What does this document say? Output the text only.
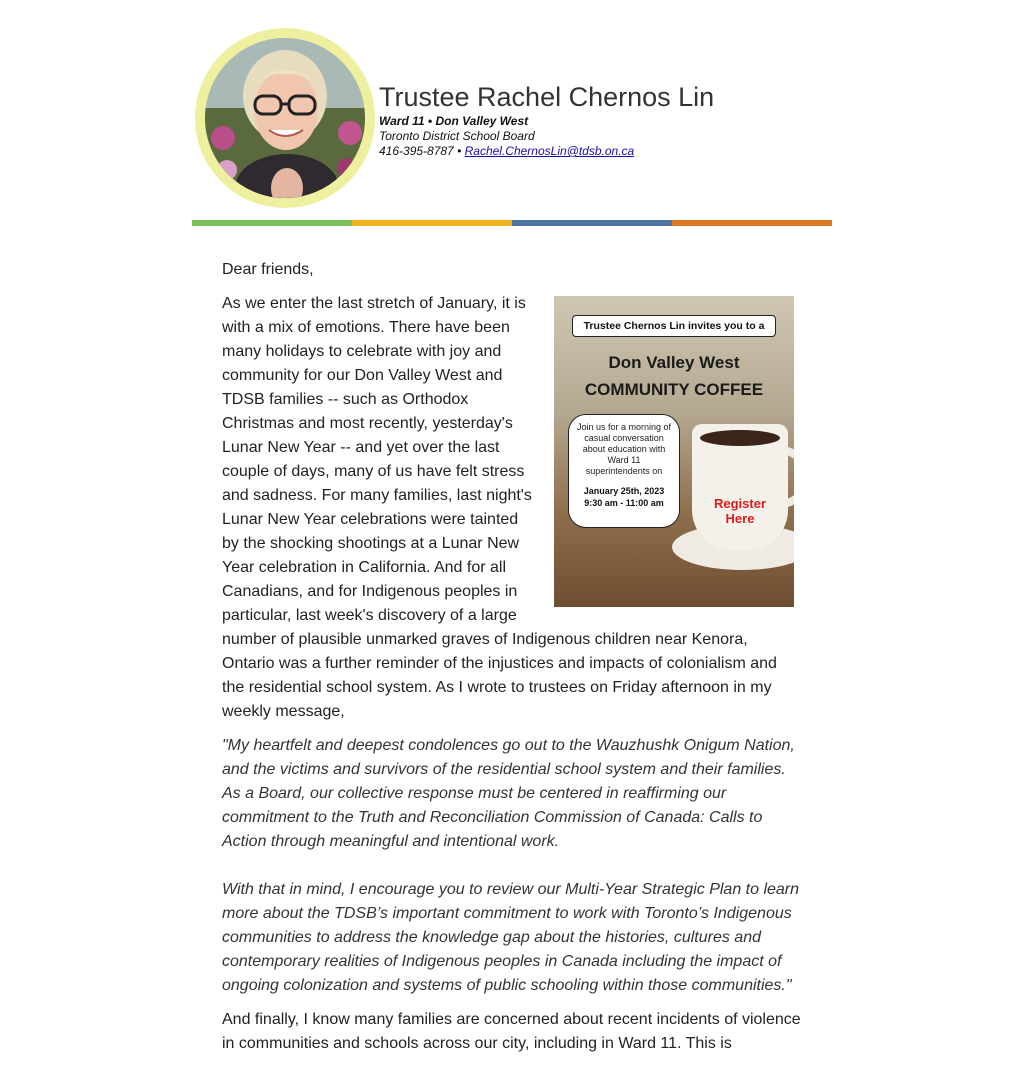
Trustee Rachel Chernos Lin
Ward 11 • Don Valley West
Toronto District School Board
416-395-8787 • Rachel.ChernosLin@tdsb.on.ca

Dear friends,

Trustee Chernos Lin invites you to a
Don Valley West
COMMUNITY COFFEE
Join us for a morning of
casual conversation
about education with
Ward 11
superintendents on
January 25th, 2023
9:30 am - 11:00 am	Register
Here

As we enter the last stretch of January, it is with a mix of emotions. There have been many holidays to celebrate with joy and community for our Don Valley West and TDSB families -- such as Orthodox Christmas and most recently, yesterday's Lunar New Year -- and yet over the last couple of days, many of us have felt stress and sadness. For many families, last night's Lunar New Year celebrations were tainted by the shocking shootings at a Lunar New Year celebration in California. And for all Canadians, and for Indigenous peoples in particular, last week's discovery of a large number of plausible unmarked graves of Indigenous children near Kenora, Ontario was a further reminder of the injustices and impacts of colonialism and the residential school system. As I wrote to trustees on Friday afternoon in my weekly message,

"My heartfelt and deepest condolences go out to the Wauzhushk Onigum Nation, and the victims and survivors of the residential school system and their families. As a Board, our collective response must be centered in reaffirming our commitment to the Truth and Reconciliation Commission of Canada: Calls to Action through meaningful and intentional work.

With that in mind, I encourage you to review our Multi-Year Strategic Plan to learn more about the TDSB’s important commitment to work with Toronto’s Indigenous communities to address the knowledge gap about the histories, cultures and contemporary realities of Indigenous peoples in Canada including the impact of ongoing colonization and systems of public schooling within those communities."

And finally, I know many families are concerned about recent incidents of violence in communities and schools across our city, including in Ward 11. This is
